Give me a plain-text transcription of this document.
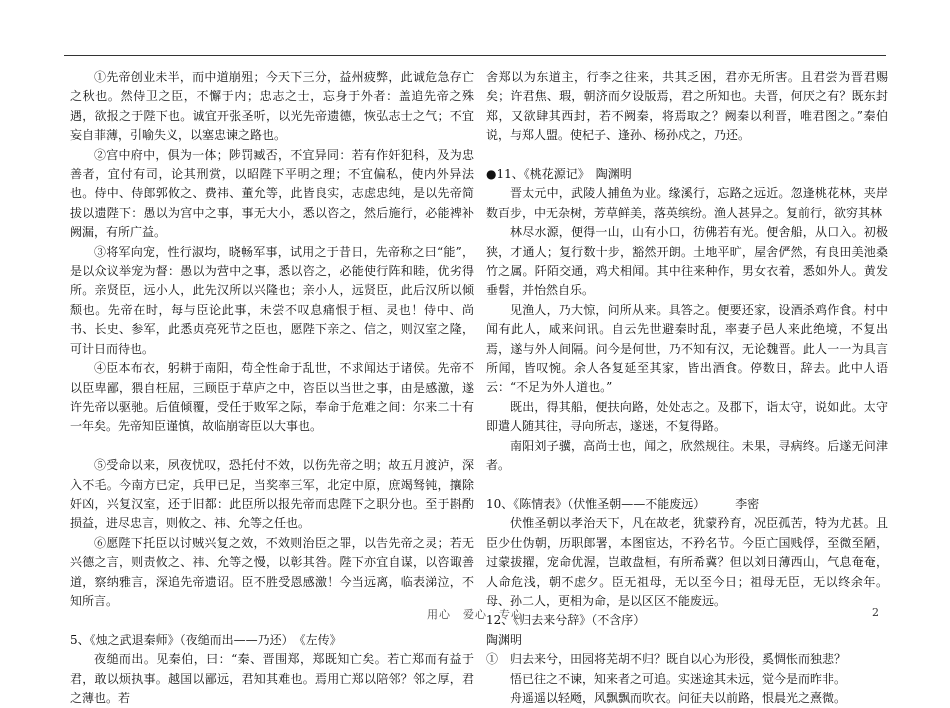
①先帝创业未半，而中道崩殂；今天下三分，益州疲弊，此诚危急存亡之秋也。然侍卫之臣，不懈于内；忠志之士，忘身于外者：盖追先帝之殊遇，欲报之于陛下也。诚宜开张圣听，以光先帝遗德，恢弘志士之气；不宜妄自菲薄，引喻失义，以塞忠谏之路也。

②宫中府中，俱为一体；陟罚臧否，不宜异同：若有作奸犯科，及为忠善者，宜付有司，论其刑赏，以昭陛下平明之理；不宜偏私，使内外异法也。侍中、侍郎郭攸之、费祎、董允等，此皆良实，志虑忠纯，是以先帝简拔以遗陛下：愚以为宫中之事，事无大小，悉以咨之，然后施行，必能裨补阙漏，有所广益。

③将军向宠，性行淑均，晓畅军事，试用之于昔日，先帝称之曰“能”，是以众议举宠为督：愚以为营中之事，悉以咨之，必能使行阵和睦，优劣得所。亲贤臣，远小人，此先汉所以兴隆也；亲小人，远贤臣，此后汉所以倾颓也。先帝在时，每与臣论此事，未尝不叹息痛恨于桓、灵也！侍中、尚书、长史、参军，此悉贞亮死节之臣也，愿陛下亲之、信之，则汉室之隆，可计日而待也。

④臣本布衣，躬耕于南阳，苟全性命于乱世，不求闻达于诸侯。先帝不以臣卑鄙，猥自枉屈，三顾臣于草庐之中，咨臣以当世之事，由是感激，遂许先帝以驱驰。后值倾覆，受任于败军之际，奉命于危难之间：尔来二十有一年矣。先帝知臣谨慎，故临崩寄臣以大事也。

⑤受命以来，夙夜忧叹，恐托付不效，以伤先帝之明；故五月渡泸，深入不毛。今南方已定，兵甲已足，当奖率三军，北定中原，庶竭驽钝，攘除奸凶，兴复汉室，还于旧都：此臣所以报先帝而忠陛下之职分也。至于斟酌损益，进尽忠言，则攸之、祎、允等之任也。

⑥愿陛下托臣以讨贼兴复之效，不效则治臣之罪，以告先帝之灵；若无兴德之言，则责攸之、祎、允等之慢，以彰其咎。陛下亦宜自谋，以咨诹善道，察纳雅言，深追先帝遗诏。臣不胜受恩感激！今当远离，临表涕泣，不知所言。

5、《烛之武退秦师》（夜缒而出——乃还）　《左传》

夜缒而出。见秦伯，曰：“秦、晋围郑，郑既知亡矣。若亡郑而有益于君，敢以烦执事。越国以鄙远，君知其难也。焉用亡郑以陪邻？邻之厚，君之薄也。若

舍郑以为东道主，行李之往来，共其乏困，君亦无所害。且君尝为晋君赐矣；许君焦、瑕，朝济而夕设版焉，君之所知也。夫晋，何厌之有？既东封郑，又欲肆其西封，若不阙秦，将焉取之？阙秦以利晋，唯君图之。”秦伯说，与郑人盟。使杞子、逢孙、杨孙戍之，乃还。

●11、《桃花源记》　陶渊明

晋太元中，武陵人捕鱼为业。缘溪行，忘路之远近。忽逢桃花林，夹岸数百步，中无杂树，芳草鲜美，落英缤纷。渔人甚异之。复前行，欲穷其林

林尽水源，便得一山，山有小口，彷佛若有光。便舍船，从口入。初极狭，才通人；复行数十步，豁然开朗。土地平旷，屋舍俨然，有良田美池桑竹之属。阡陌交通，鸡犬相闻。其中往来种作，男女衣着，悉如外人。黄发垂髫，并怡然自乐。

见渔人，乃大惊，问所从来。具答之。便要还家，设酒杀鸡作食。村中闻有此人，咸来问讯。自云先世避秦时乱，率妻子邑人来此绝境，不复出焉，遂与外人间隔。问今是何世，乃不知有汉，无论魏晋。此人一一为具言所闻，皆叹惋。余人各复延至其家，皆出酒食。停数日，辞去。此中人语云：“不足为外人道也。”

既出，得其船，便扶向路，处处志之。及郡下，诣太守，说如此。太守即遣人随其往，寻向所志，遂迷，不复得路。

南阳刘子骥，高尚士也，闻之，欣然规往。未果，寻病终。后遂无问津者。

10、《陈情表》（伏惟圣朝——不能废远）　　　李密

伏惟圣朝以孝治天下，凡在故老，犹蒙矜育，况臣孤苦，特为尤甚。且臣少仕伪朝，历职郎署，本图宦达，不矜名节。今臣亡国贱俘，至微至陋，过蒙拔擢，宠命优渥，岂敢盘桓，有所希冀？但以刘日薄西山，气息奄奄，人命危浅，朝不虑夕。臣无祖母，无以至今日；祖母无臣，无以终余年。母、孙二人，更相为命，是以区区不能废远。

12、《归去来兮辞》（不含序）

陶渊明

①　归去来兮，田园将芜胡不归？既自以心为形役，奚惆怅而独悲？

悟已往之不谏，知来者之可追。实迷途其未远，觉今是而昨非。

舟遥遥以轻飏，风飘飘而吹衣。问征夫以前路，恨晨光之熹微。

用心　爱心　专心	2
